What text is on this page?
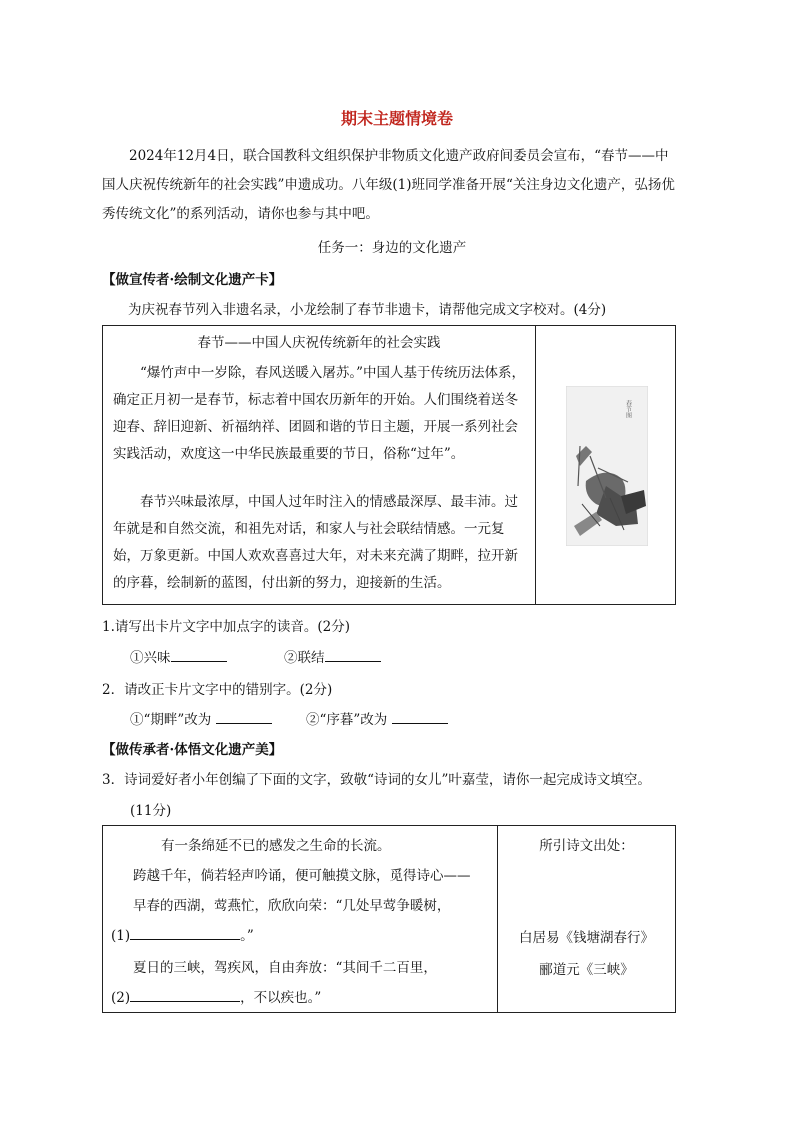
期末主题情境卷
2024年12月4日，联合国教科文组织保护非物质文化遗产政府间委员会宣布，“春节——中国人庆祝传统新年的社会实践”申遗成功。八年级(1)班同学准备开展“关注身边文化遗产，弘扬优秀传统文化”的系列活动，请你也参与其中吧。
任务一：身边的文化遗产
【做宣传者·绘制文化遗产卡】
为庆祝春节列入非遗名录，小龙绘制了春节非遗卡，请帮他完成文字校对。(4分)
春节——中国人庆祝传统新年的社会实践
“爆竹声中一岁除，春风送暖入屠苏。”中国人基于传统历法体系，确定正月初一是春节，标志着中国农历新年的开始。人们围绕着送冬迎春、辞旧迎新、祈福纳祥、团圆和谐的节日主题，开展一系列社会实践活动，欢度这一中华民族最重要的节日，俗称“过年”。
春节兴味最浓厚，中国人过年时注入的情感最深厚、最丰沛。过年就是和自然交流，和祖先对话，和家人与社会联结情感。一元复始，万象更新。中国人欢欢喜喜过大年，对未来充满了期畔，拉开新的序暮，绘制新的蓝图，付出新的努力，迎接新的生活。
春节图
1.请写出卡片文字中加点字的读音。(2分)
①兴味	②联结
2．请改正卡片文字中的错别字。(2分)
①“期畔”改为	②“序暮”改为
【做传承者·体悟文化遗产美】
3．诗词爱好者小年创编了下面的文字，致敬“诗词的女儿”叶嘉莹，请你一起完成诗文填空。
(11分)
有一条绵延不已的感发之生命的长流。
跨越千年，倘若轻声吟诵，便可触摸文脉，觅得诗心——
早春的西湖，莺燕忙，欣欣向荣：“几处早莺争暖树，
(1)	。”
夏日的三峡，驾疾风，自由奔放：“其间千二百里，
(2)	，不以疾也。”
所引诗文出处：
白居易《钱塘湖春行》
郦道元《三峡》
